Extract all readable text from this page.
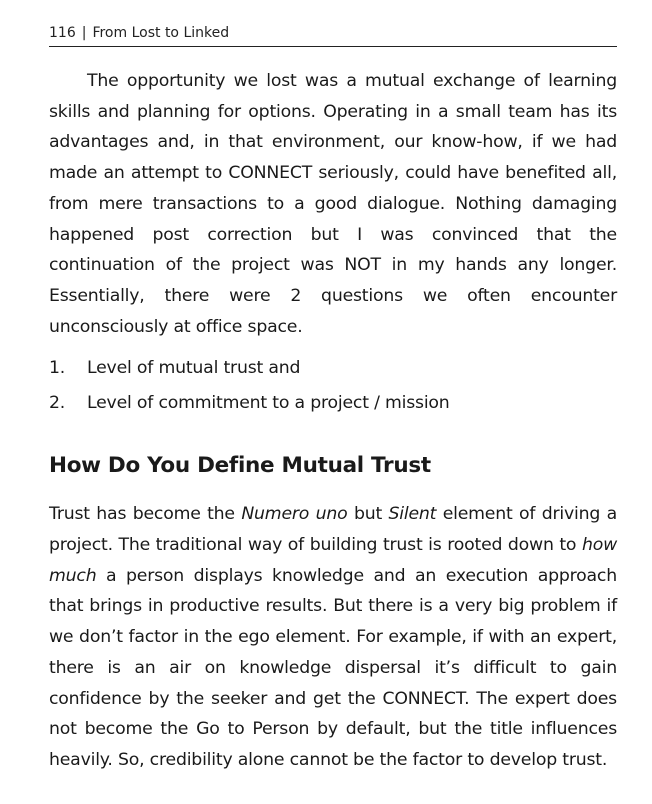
116 | From Lost to Linked

The opportunity we lost was a mutual exchange of learning skills and planning for options. Operating in a small team has its advantages and, in that environment, our know-how, if we had made an attempt to CONNECT seriously, could have benefited all, from mere transactions to a good dialogue. Nothing damaging happened post correction but I was convinced that the continuation of the project was NOT in my hands any longer. Essentially, there were 2 questions we often encounter unconsciously at office space.

1.	Level of mutual trust and
2.	Level of commitment to a project / mission
How Do You Define Mutual Trust

Trust has become the Numero uno but Silent element of driving a project. The traditional way of building trust is rooted down to how much a person displays knowledge and an execution approach that brings in productive results. But there is a very big problem if we don’t factor in the ego element. For example, if with an expert, there is an air on knowledge dispersal it’s difficult to gain confidence by the seeker and get the CONNECT. The expert does not become the Go to Person by default, but the title influences heavily. So, credibility alone cannot be the factor to develop trust.
